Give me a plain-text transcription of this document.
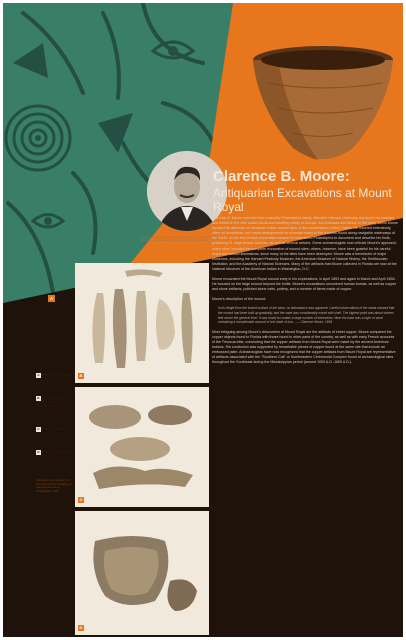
Clarence B. Moore, antiquarian and explorer, in his 20s. Photograph courtesy of the Academy of Natural Sciences, Philadelphia.
Clarence B. Moore:
Antiquarian Excavations at Mount Royal

Clarence B. Moore was born into a wealthy Philadelphia family, attended Harvard University and spent his twenties and thirties in the elite social circuit and traveling widely in Europe, the Americas and Africa. In the early 1890s Moore focused his attention on American Indian mound sites of the southeastern United States. He traveled extensively, often on houseboat, and made arrangements to excavate many of the mounds found along navigable waterways of the South. At the end of each excavation season he returned to Philadelphia to document and describe his finds, producing 21 large-format volumes, as well as several articles. Some archaeologists now criticize Moore's approach, which often included the complete excavation of mound sites; others, however, have been grateful for his careful maps and artifact illustrations, since many of the sites have been destroyed. Moore was a benefactor of major museums, including the Harvard Peabody Museum, the American Museum of Natural History, the Smithsonian Institution, and the Academy of Natural Sciences. Many of the artifacts that Moore collected in Florida are now at the National Museum of the American Indian in Washington, D.C.

Moore excavated the Mount Royal mound early in his explorations, in April 1893 and again in March and April 1894. He focused on the large mound beyond the bluffs. Moore's excavations uncovered human burials, as well as copper and stone artifacts, polished stone celts, pottery, and a number of items made of copper.

Moore's description of the mound:

In its height from the lowest surface of the base, no disturbance was apparent. Careful observations of the strata showed that the mound had been built up gradually, and the sand was considerably mixed with shell. The highest point was about sixteen feet above the general level. It was found to contain a large number of interments. Near the base was a layer of sand containing a considerable amount of red oxide of iron... — Clarence Moore, 1894

Most intriguing among Moore's discoveries at Mount Royal are the artifacts of sheet copper. Moore compared the copper objects found in Florida with those found in other parts of the country, as well as with early French accounts of the Timucua tribe, concluding that the copper artifacts from Mount Royal were made by the ancient American Indians. His conclusion was supported by remarkable pieces of copper found at the same site that include an embossed plate. Archaeologists have now recognized that the copper artifacts from Mount Royal are representative of artifacts associated with the "Southern Cult" or Southeastern Ceremonial Complex found at archaeological sites throughout the Southeast during the Mississippian period (around 1000 A.D.-1600 A.D.).

A
A Copper breastplate.
Embossed, with an open eye motif. Courtesy of the Academy of Natural Sciences, Philadelphia. 1894
B Polished stone implements and ornaments.
Celts, pendants and tools found at Mount Royal. Academy of Natural Sciences, Philadelphia, 1894
C Pottery vessels.
Fragments of earthenware vessels found in the mound. Academy of Natural Sciences, Philadelphia, 1894
D Copper bowls and ornaments.
Sheet copper objects recovered from the mound. Academy of Natural Sciences, Philadelphia, 1894
Illustrations reproduced from the Journal of the Academy of Natural Sciences of Philadelphia, 1894
B
C
D
